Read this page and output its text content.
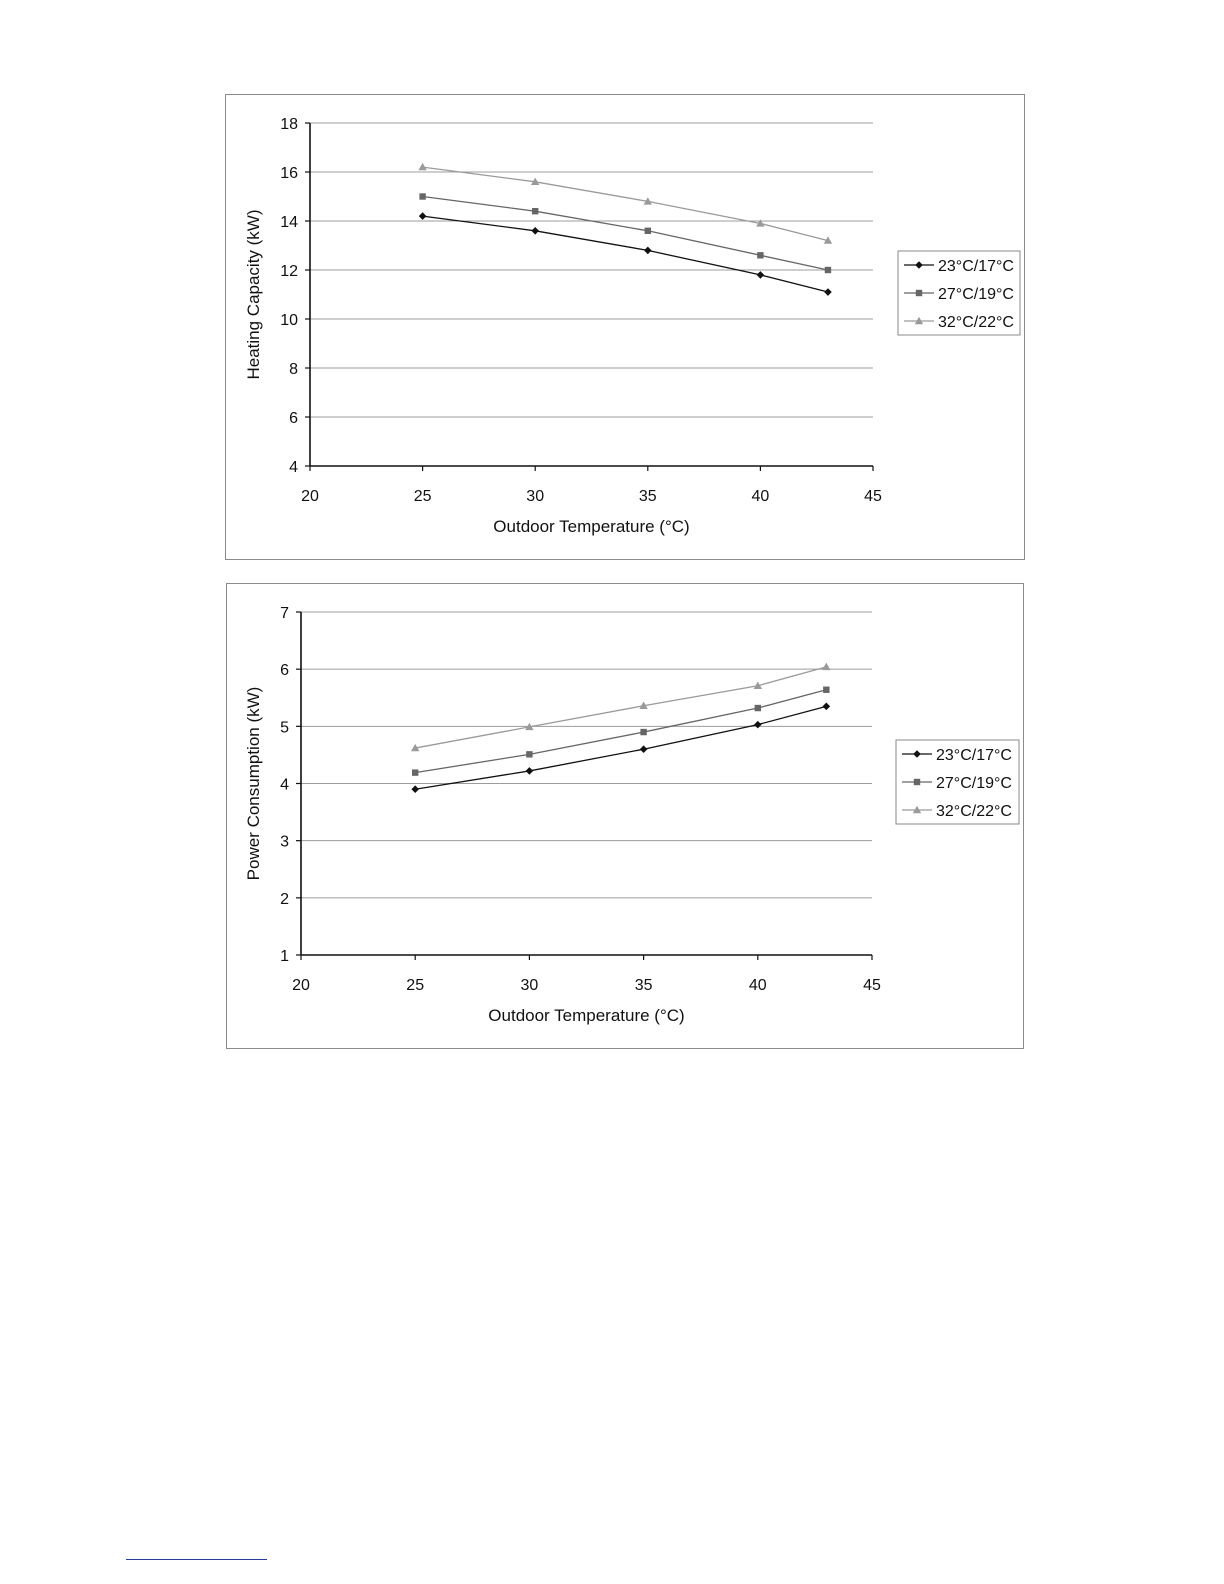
4
6
8
10
12
14
16
18
20	25	30	35	40	45
Outdoor Temperature (°C)
Heating Capacity (kW)	23°C/17°C
27°C/19°C
32°C/22°C
1
2
3
4
5
6
7
20	25	30	35	40	45
Outdoor Temperature (°C)
Power Consumption (kW)	23°C/17°C
27°C/19°C
32°C/22°C
